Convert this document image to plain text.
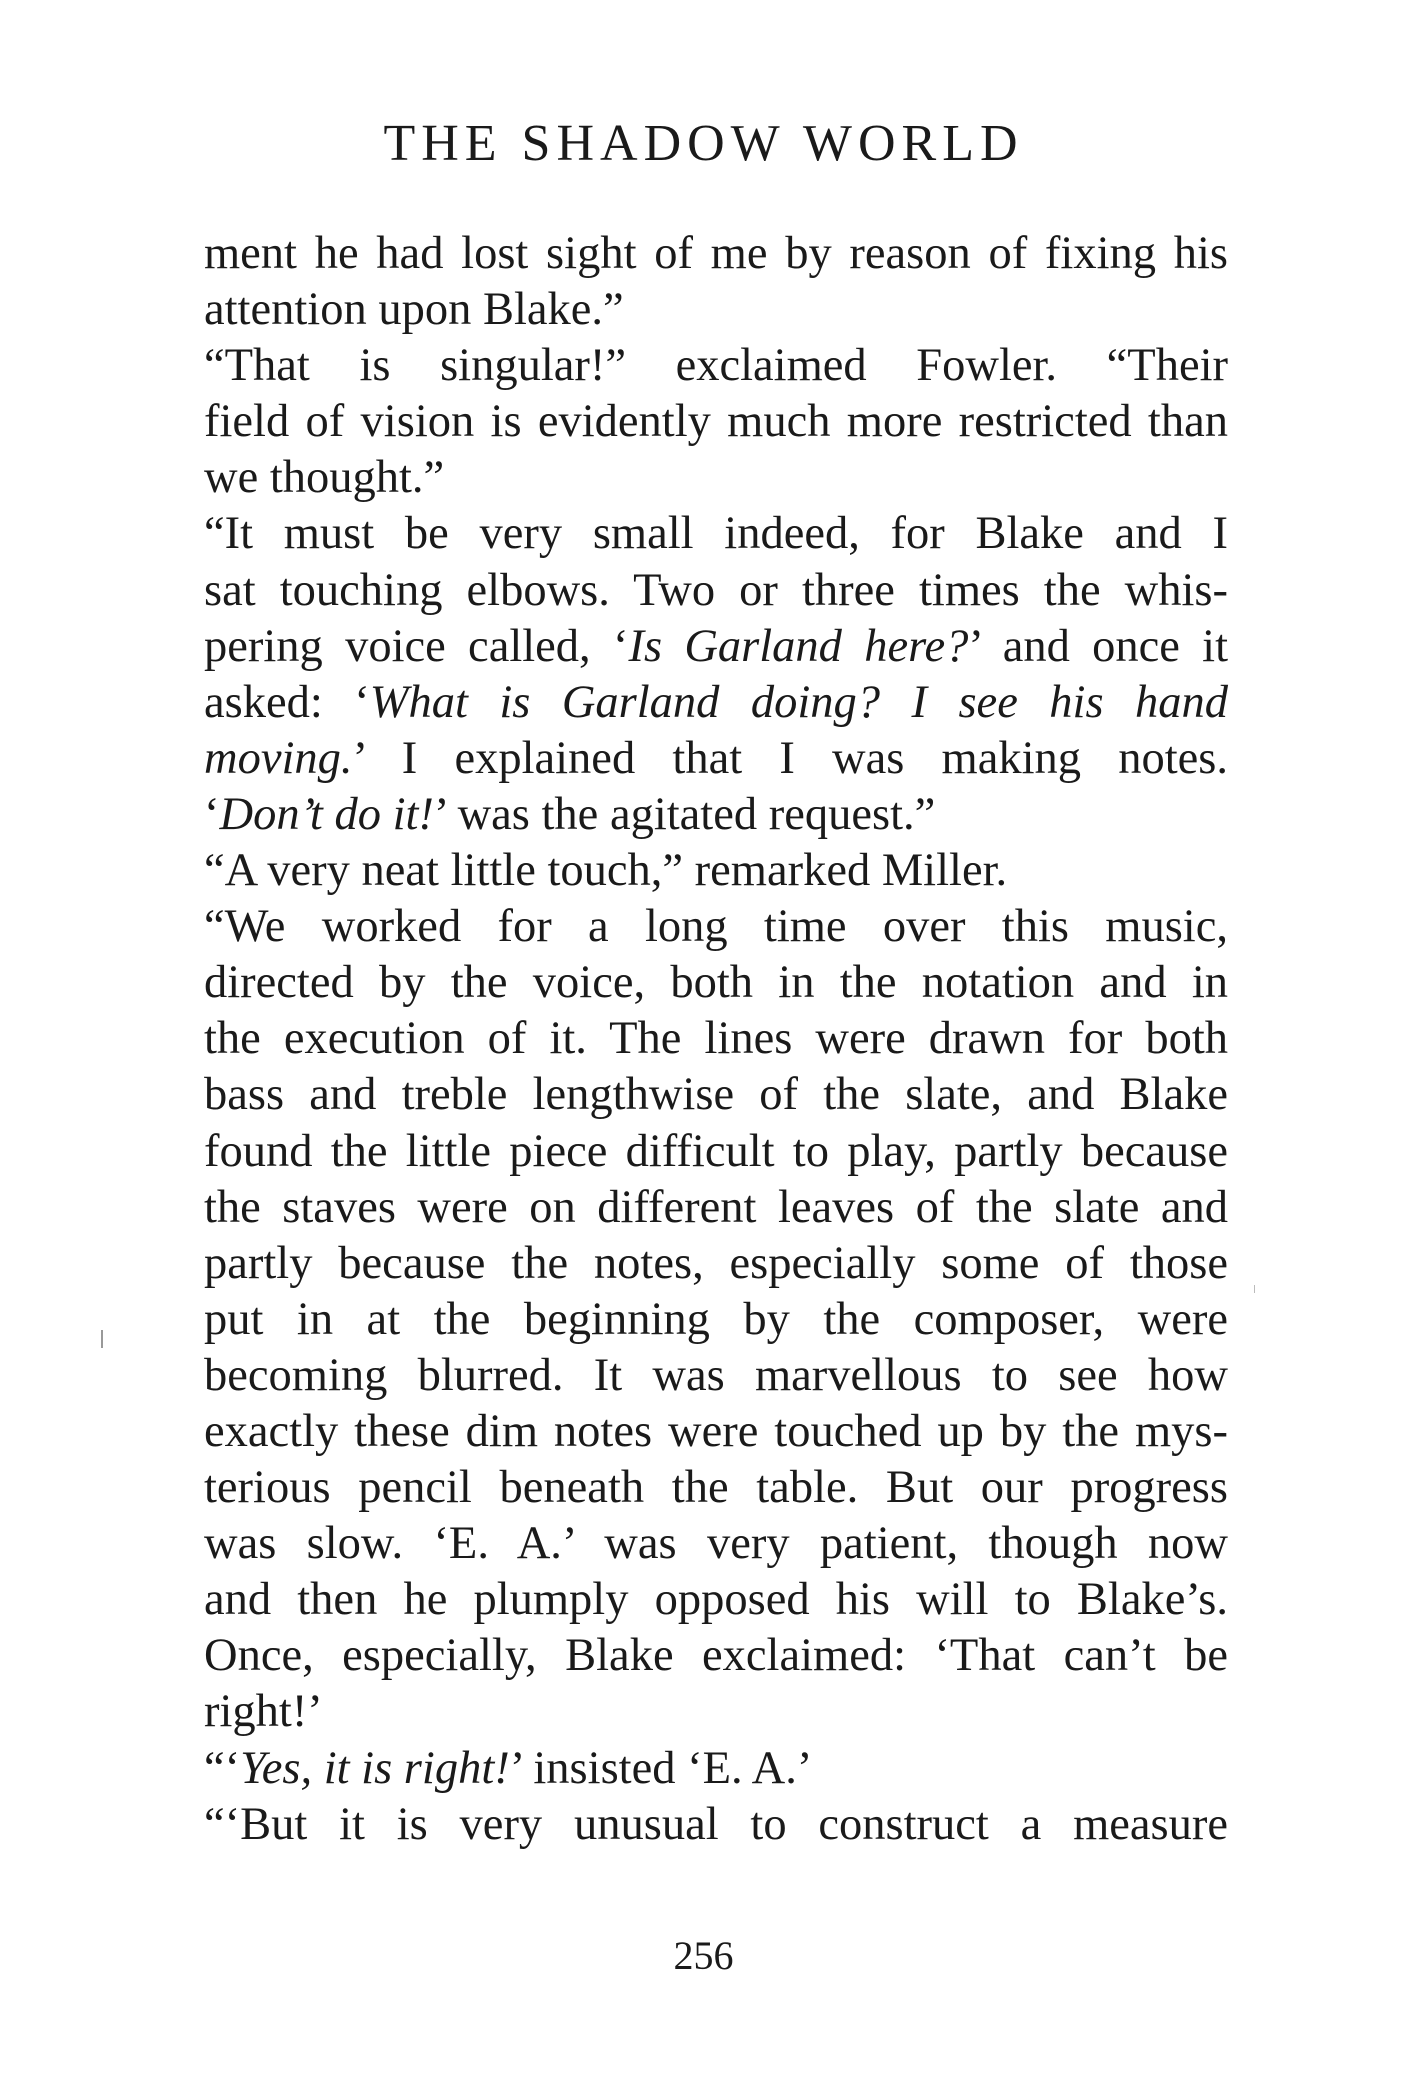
THE SHADOW WORLD
ment he had lost sight of me by reason of fixing his
attention upon Blake.”
“That is singular!” exclaimed Fowler. “Their
field of vision is evidently much more restricted than
we thought.”
“It must be very small indeed, for Blake and I
sat touching elbows. Two or three times the whis-
pering voice called, ‘Is Garland here?’ and once it
asked: ‘What is Garland doing? I see his hand
moving.’ I explained that I was making notes.
‘Don’t do it!’ was the agitated request.”
“A very neat little touch,” remarked Miller.
“We worked for a long time over this music,
directed by the voice, both in the notation and in
the execution of it. The lines were drawn for both
bass and treble lengthwise of the slate, and Blake
found the little piece difficult to play, partly because
the staves were on different leaves of the slate and
partly because the notes, especially some of those
put in at the beginning by the composer, were
becoming blurred. It was marvellous to see how
exactly these dim notes were touched up by the mys-
terious pencil beneath the table. But our progress
was slow. ‘E. A.’ was very patient, though now
and then he plumply opposed his will to Blake’s.
Once, especially, Blake exclaimed: ‘That can’t be
right!’
“‘Yes, it is right!’ insisted ‘E. A.’
“‘But it is very unusual to construct a measure
256
